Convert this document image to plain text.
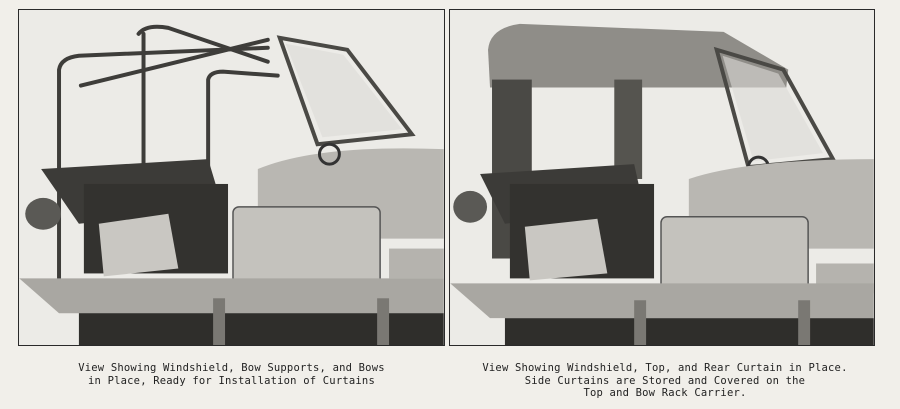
View Showing Windshield, Bow Supports, and Bows
in Place, Ready for Installation of Curtains
View Showing Windshield, Top, and Rear Curtain in Place.
Side Curtains are Stored and Covered on the
Top and Bow Rack Carrier.
